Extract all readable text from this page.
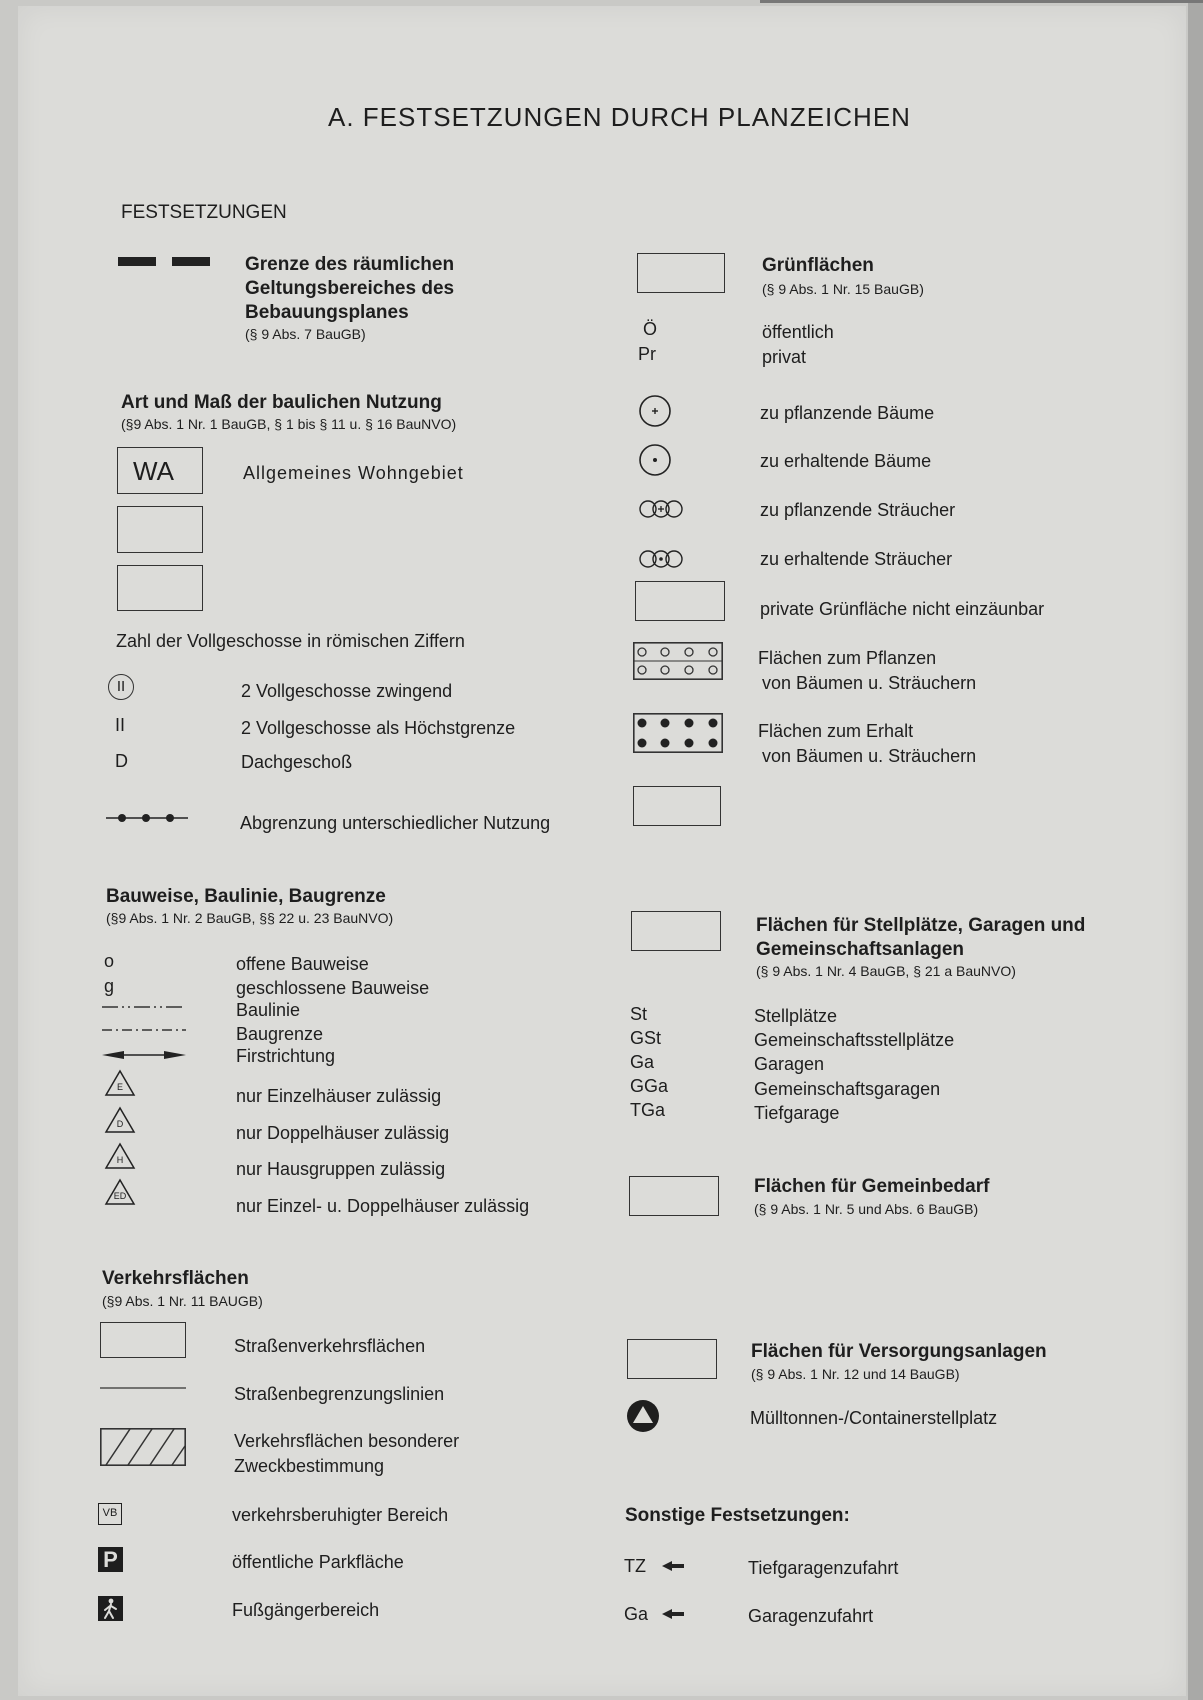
A. FESTSETZUNGEN DURCH PLANZEICHEN
FESTSETZUNGEN
Grenze des räumlichen
Geltungsbereiches des
Bebauungsplanes
(§ 9 Abs. 7 BauGB)
Art und Maß der baulichen Nutzung
(§9 Abs. 1 Nr. 1 BauGB, § 1 bis § 11 u. § 16 BauNVO)
WA	Allgemeines Wohngebiet
Zahl der Vollgeschosse in römischen Ziffern
II	2 Vollgeschosse zwingend
II	2 Vollgeschosse als Höchstgrenze
D	Dachgeschoß
Abgrenzung unterschiedlicher Nutzung
Bauweise, Baulinie, Baugrenze
(§9 Abs. 1 Nr. 2 BauGB, §§ 22 u. 23 BauNVO)
o	offene Bauweise
g	geschlossene Bauweise
Baulinie
Baugrenze
Firstrichtung
E	nur Einzelhäuser zulässig
D	nur Doppelhäuser zulässig
H	nur Hausgruppen zulässig
ED	nur Einzel- u. Doppelhäuser zulässig
Verkehrsflächen
(§9 Abs. 1 Nr. 11 BAUGB)
Straßenverkehrsflächen
Straßenbegrenzungslinien
Verkehrsflächen besonderer
Zweckbestimmung
VB	verkehrsberuhigter Bereich
P	öffentliche Parkfläche
Fußgängerbereich
Grünflächen
(§ 9 Abs. 1 Nr. 15 BauGB)
Ö	öffentlich
Pr	privat
zu pflanzende Bäume
zu erhaltende Bäume
zu pflanzende Sträucher
zu erhaltende Sträucher
private Grünfläche nicht einzäunbar
Flächen zum Pflanzen
von Bäumen u. Sträuchern
Flächen zum Erhalt
von Bäumen u. Sträuchern
Flächen für Stellplätze, Garagen und
Gemeinschaftsanlagen
(§ 9 Abs. 1 Nr. 4 BauGB, § 21 a BauNVO)
St	Stellplätze
GSt	Gemeinschaftsstellplätze
Ga	Garagen
GGa	Gemeinschaftsgaragen
TGa	Tiefgarage
Flächen für Gemeinbedarf
(§ 9 Abs. 1 Nr. 5 und Abs. 6 BauGB)
Flächen für Versorgungsanlagen
(§ 9 Abs. 1 Nr. 12 und 14 BauGB)
Mülltonnen-/Containerstellplatz
Sonstige Festsetzungen:
TZ	Tiefgaragenzufahrt
Ga	Garagenzufahrt
